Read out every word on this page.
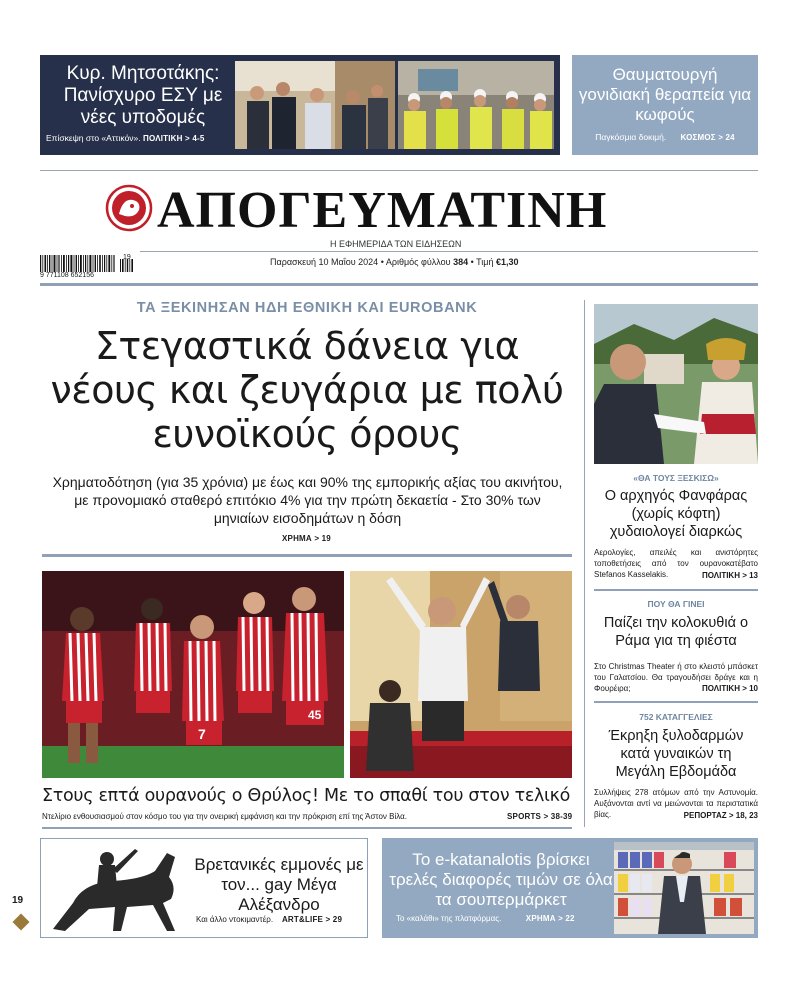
Κυρ. Μητσοτάκης: Πανίσχυρο ΕΣΥ με νέες υποδομές
Επίσκεψη στο «Αττικόν». ΠΟΛΙΤΙΚΗ > 4-5
Θαυματουργή γονιδιακή θεραπεία για κωφούς
Παγκόσμια δοκιμή. ΚΟΣΜΟΣ > 24
ΑΠΟΓΕΥΜΑΤΙΝΗ
Η ΕΦΗΜΕΡΙΔΑ ΤΩΝ ΕΙΔΗΣΕΩΝ
9 771108 652156
19	Παρασκευή 10 Μαΐου 2024 • Αριθμός φύλλου 384 • Τιμή €1,30
ΤΑ ΞΕΚΙΝΗΣΑΝ ΗΔΗ ΕΘΝΙΚΗ ΚΑΙ EUROBANK
Στεγαστικά δάνεια για νέους και ζευγάρια με πολύ ευνοϊκούς όρους
Χρηματοδότηση (για 35 χρόνια) με έως και 90% της εμπορικής αξίας του ακινήτου, με προνομιακό σταθερό επιτόκιο 4% για την πρώτη δεκαετία - Στο 30% των μηνιαίων εισοδημάτων η δόση
ΧΡΗΜΑ > 19
7
45
Στους επτά ουρανούς ο Θρύλος! Με το σπαθί του στον τελικό
Ντελίριο ενθουσιασμού στον κόσμο του για την ονειρική εμφάνιση και την πρόκριση επί της Άστον Βίλα.	SPORTS > 38-39
«ΘΑ ΤΟΥΣ ΞΕΣΚΙΣΩ»
Ο αρχηγός Φανφάρας (χωρίς κόφτη) χυδαιολογεί διαρκώς
Αερολογίες, απειλές και ανιστόρητες τοποθετήσεις από τον ουρανοκατέβατο Stefanos Kasselakis.	ΠΟΛΙΤΙΚΗ > 13
ΠΟΥ ΘΑ ΓΙΝΕΙ
Παίζει την κολοκυθιά ο Ράμα για τη φιέστα
Στο Christmas Theater ή στο κλειστό μπάσκετ του Γαλατσίου. Θα τραγουδήσει δράγε και η Φουρέιρα;	ΠΟΛΙΤΙΚΗ > 10
752 ΚΑΤΑΓΓΕΛΙΕΣ
Έκρηξη ξυλοδαρμών κατά γυναικών τη Μεγάλη Εβδομάδα
Συλλήψεις 278 ατόμων από την Αστυνομία. Αυξάνονται αντί να μειώνονται τα περιστατικά βίας.	ΡΕΠΟΡΤΑΖ > 18, 23
Βρετανικές εμμονές με τον... gay Μέγα Αλέξανδρο
Και άλλο ντοκιμαντέρ. ART&LIFE > 29
Το e-katanalotis βρίσκει τρελές διαφορές τιμών σε όλα τα σουπερμάρκετ
Το «καλάθι» της πλατφόρμας.	ΧΡΗΜΑ > 22
19
